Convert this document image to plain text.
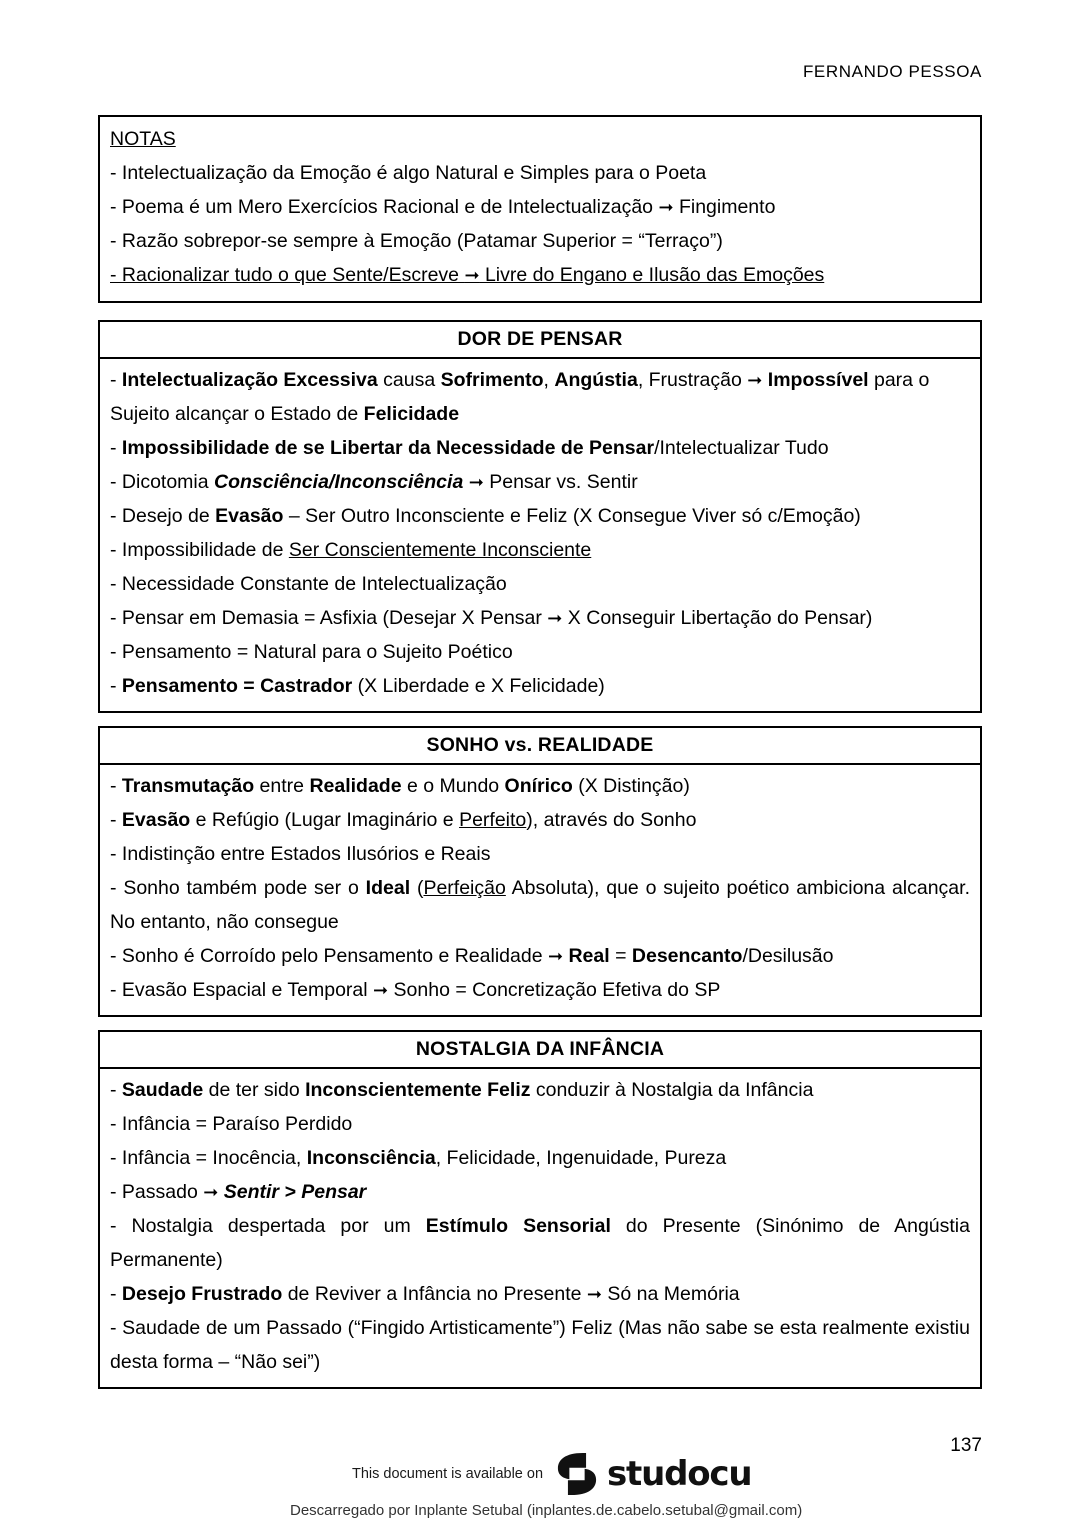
FERNANDO PESSOA
NOTAS
- Intelectualização da Emoção é algo Natural e Simples para o Poeta
- Poema é um Mero Exercícios Racional e de Intelectualização ➞ Fingimento
- Razão sobrepor-se sempre à Emoção (Patamar Superior = “Terraço”)
- Racionalizar tudo o que Sente/Escreve ➞ Livre do Engano e Ilusão das Emoções
DOR DE PENSAR
- Intelectualização Excessiva causa Sofrimento, Angústia, Frustração ➞ Impossível para o Sujeito alcançar o Estado de Felicidade
- Impossibilidade de se Libertar da Necessidade de Pensar/Intelectualizar Tudo
- Dicotomia Consciência/Inconsciência ➞ Pensar vs. Sentir
- Desejo de Evasão – Ser Outro Inconsciente e Feliz (X Consegue Viver só c/Emoção)
- Impossibilidade de Ser Conscientemente Inconsciente
- Necessidade Constante de Intelectualização
- Pensar em Demasia = Asfixia (Desejar X Pensar ➞ X Conseguir Libertação do Pensar)
- Pensamento = Natural para o Sujeito Poético
- Pensamento = Castrador (X Liberdade e X Felicidade)
SONHO vs. REALIDADE
- Transmutação entre Realidade e o Mundo Onírico (X Distinção)
- Evasão e Refúgio (Lugar Imaginário e Perfeito), através do Sonho
- Indistinção entre Estados Ilusórios e Reais
- Sonho também pode ser o Ideal (Perfeição Absoluta), que o sujeito poético ambiciona alcançar. No entanto, não consegue
- Sonho é Corroído pelo Pensamento e Realidade ➞ Real = Desencanto/Desilusão
- Evasão Espacial e Temporal ➞ Sonho = Concretização Efetiva do SP
NOSTALGIA DA INFÂNCIA
- Saudade de ter sido Inconscientemente Feliz conduzir à Nostalgia da Infância
- Infância = Paraíso Perdido
- Infância = Inocência, Inconsciência, Felicidade, Ingenuidade, Pureza
- Passado ➞ Sentir > Pensar
- Nostalgia despertada por um Estímulo Sensorial do Presente (Sinónimo de Angústia Permanente)
- Desejo Frustrado de Reviver a Infância no Presente ➞ Só na Memória
- Saudade de um Passado (“Fingido Artisticamente”) Feliz (Mas não sabe se esta realmente existiu desta forma – “Não sei”)
This document is available on studocu
Descarregado por Inplante Setubal (inplantes.de.cabelo.setubal@gmail.com)
137
